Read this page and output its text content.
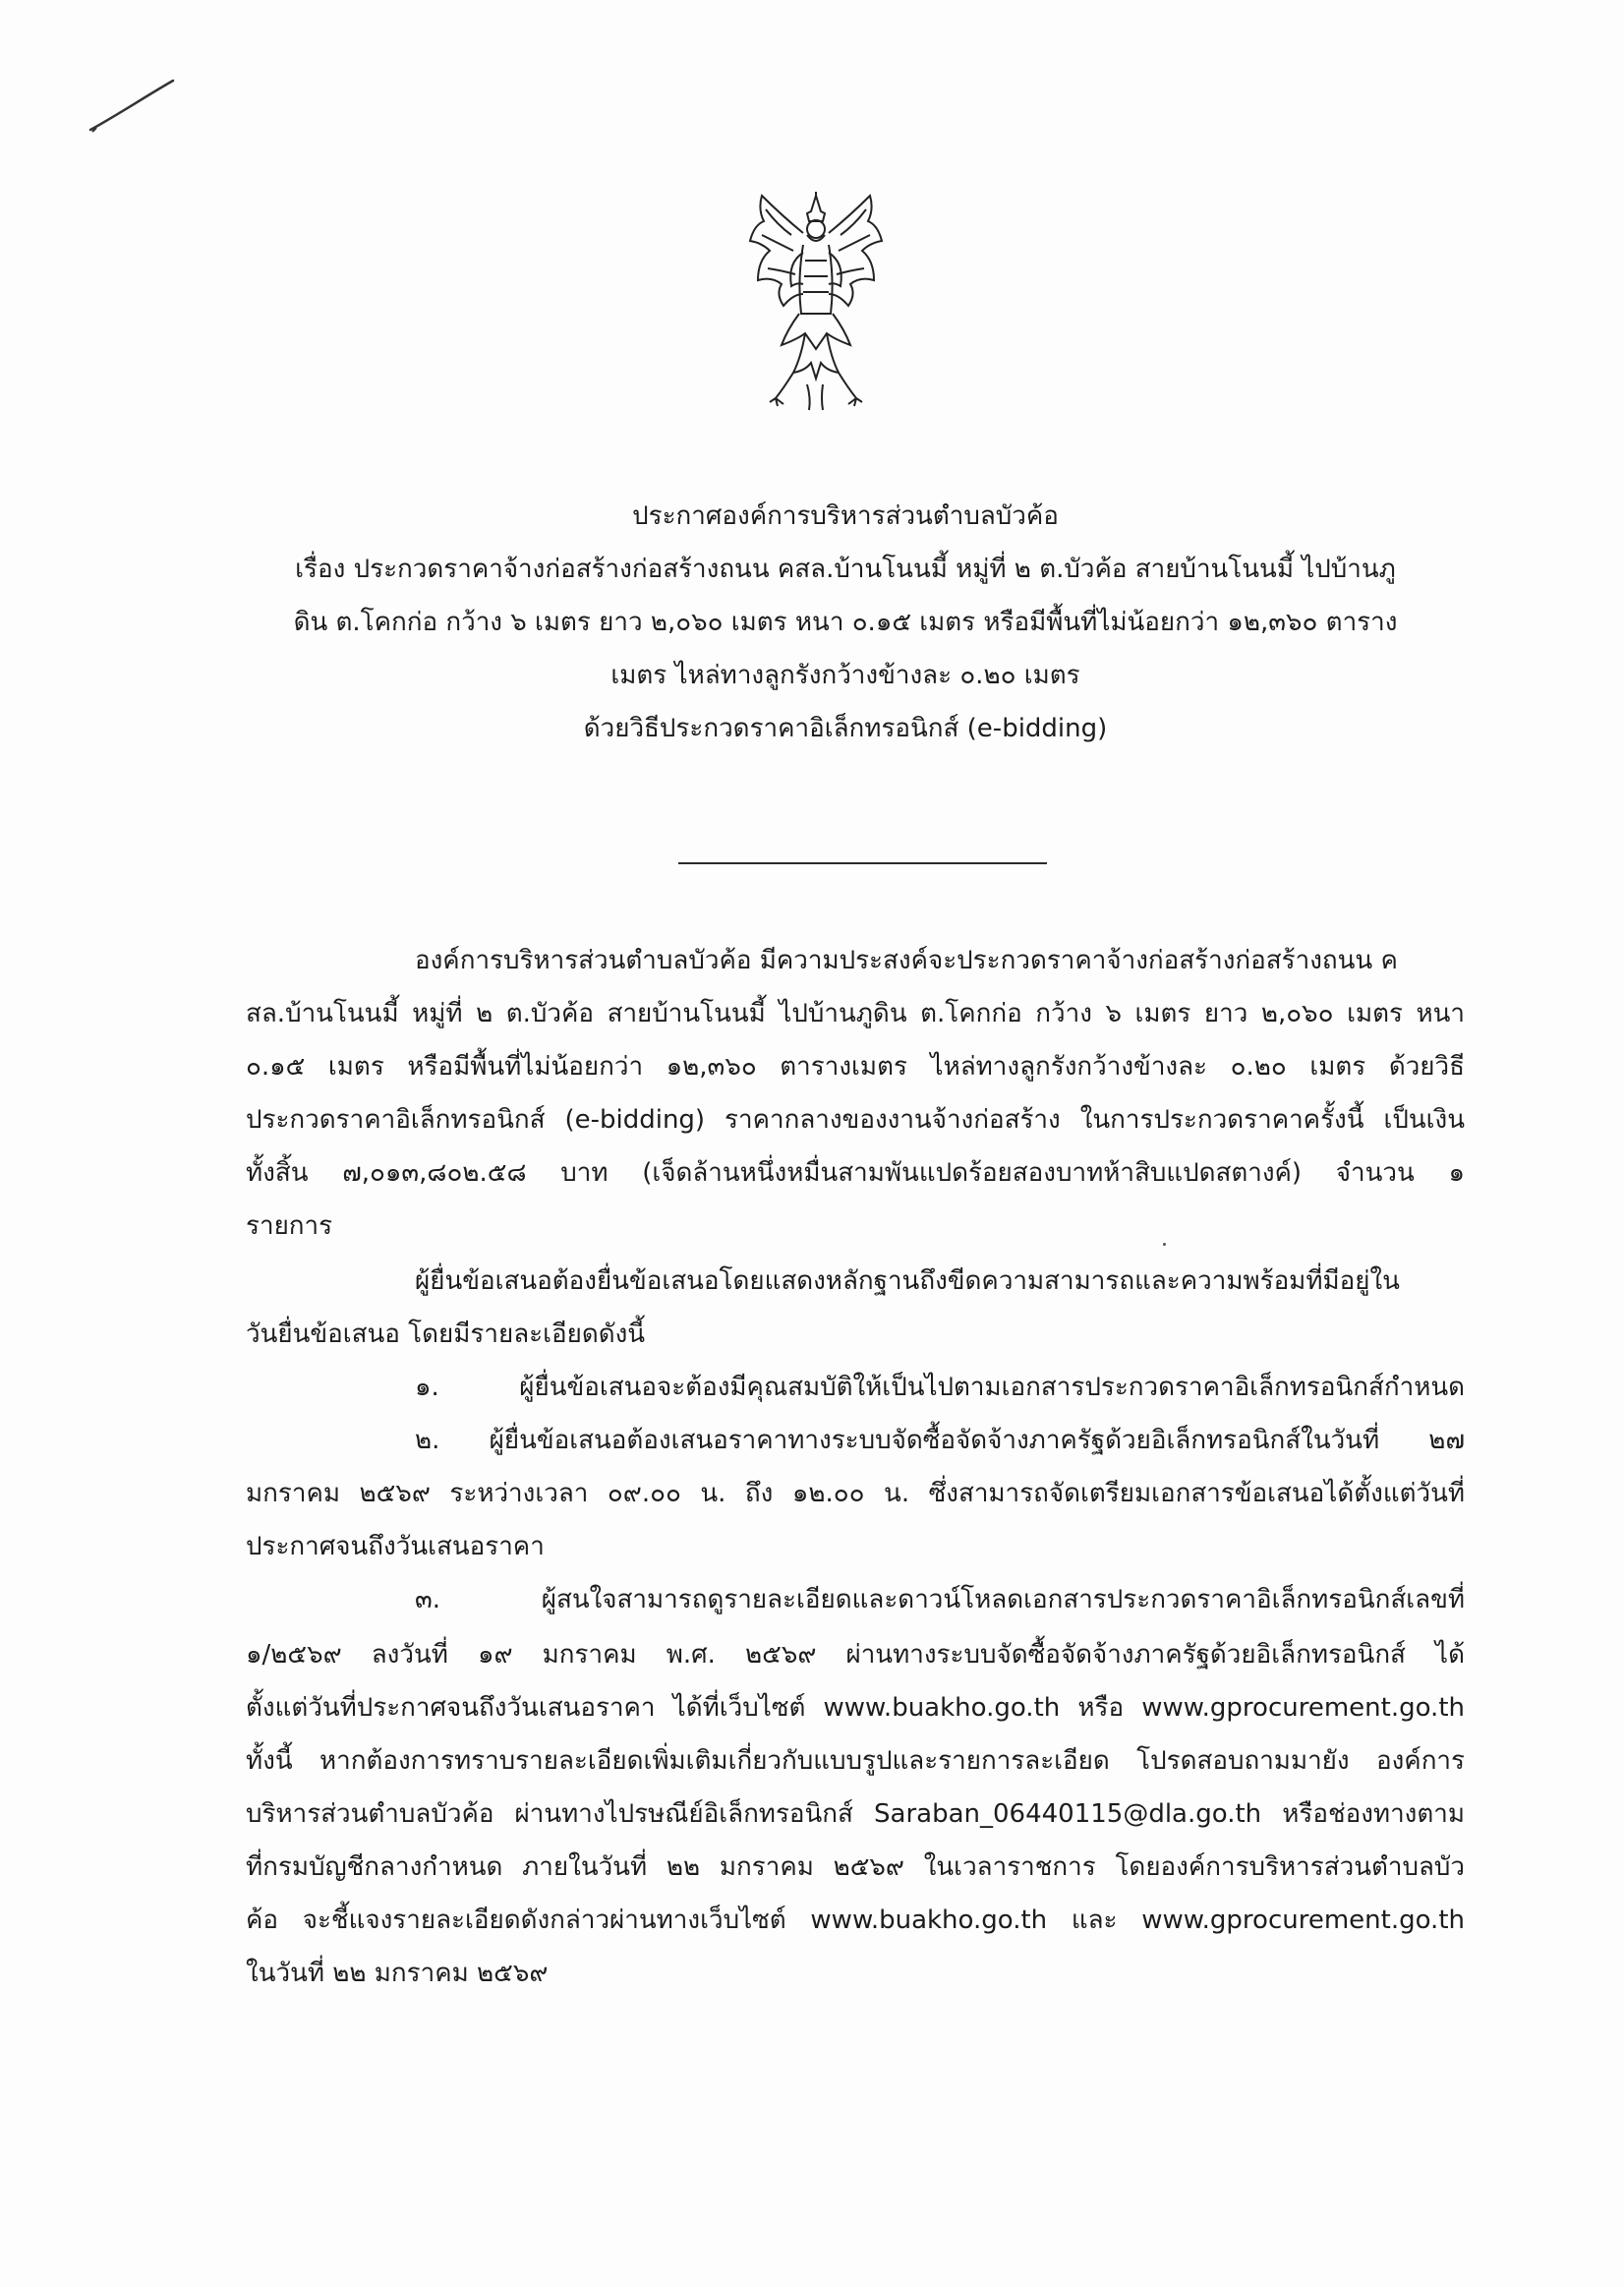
ประกาศองค์การบริหารส่วนตำบลบัวค้อ
เรื่อง ประกวดราคาจ้างก่อสร้างก่อสร้างถนน คสล.บ้านโนนมี้ หมู่ที่ ๒ ต.บัวค้อ สายบ้านโนนมี้ ไปบ้านภู
ดิน ต.โคกก่อ กว้าง ๖ เมตร ยาว ๒,๐๖๐ เมตร หนา ๐.๑๕ เมตร หรือมีพื้นที่ไม่น้อยกว่า ๑๒,๓๖๐ ตาราง
เมตร ไหล่ทางลูกรังกว้างข้างละ ๐.๒๐ เมตร
ด้วยวิธีประกวดราคาอิเล็กทรอนิกส์ (e-bidding)
องค์การบริหารส่วนตำบลบัวค้อ มีความประสงค์จะประกวดราคาจ้างก่อสร้างก่อสร้างถนน ค
สล.บ้านโนนมี้ หมู่ที่ ๒ ต.บัวค้อ สายบ้านโนนมี้ ไปบ้านภูดิน ต.โคกก่อ กว้าง ๖ เมตร ยาว ๒,๐๖๐ เมตร หนา
๐.๑๕ เมตร หรือมีพื้นที่ไม่น้อยกว่า ๑๒,๓๖๐ ตารางเมตร ไหล่ทางลูกรังกว้างข้างละ ๐.๒๐ เมตร ด้วยวิธี
ประกวดราคาอิเล็กทรอนิกส์ (e-bidding) ราคากลางของงานจ้างก่อสร้าง ในการประกวดราคาครั้งนี้ เป็นเงิน
ทั้งสิ้น ๗,๐๑๓,๘๐๒.๕๘ บาท (เจ็ดล้านหนึ่งหมื่นสามพันแปดร้อยสองบาทห้าสิบแปดสตางค์) จำนวน ๑
รายการ
ผู้ยื่นข้อเสนอต้องยื่นข้อเสนอโดยแสดงหลักฐานถึงขีดความสามารถและความพร้อมที่มีอยู่ใน
วันยื่นข้อเสนอ โดยมีรายละเอียดดังนี้
๑. ผู้ยื่นข้อเสนอจะต้องมีคุณสมบัติให้เป็นไปตามเอกสารประกวดราคาอิเล็กทรอนิกส์กำหนด
๒. ผู้ยื่นข้อเสนอต้องเสนอราคาทางระบบจัดซื้อจัดจ้างภาครัฐด้วยอิเล็กทรอนิกส์ในวันที่ ๒๗
มกราคม ๒๕๖๙ ระหว่างเวลา ๐๙.๐๐ น. ถึง ๑๒.๐๐ น. ซึ่งสามารถจัดเตรียมเอกสารข้อเสนอได้ตั้งแต่วันที่
ประกาศจนถึงวันเสนอราคา
๓. ผู้สนใจสามารถดูรายละเอียดและดาวน์โหลดเอกสารประกวดราคาอิเล็กทรอนิกส์เลขที่
๑/๒๕๖๙ ลงวันที่ ๑๙ มกราคม พ.ศ. ๒๕๖๙ ผ่านทางระบบจัดซื้อจัดจ้างภาครัฐด้วยอิเล็กทรอนิกส์ ได้
ตั้งแต่วันที่ประกาศจนถึงวันเสนอราคา ได้ที่เว็บไซต์ www.buakho.go.th หรือ www.gprocurement.go.th
ทั้งนี้ หากต้องการทราบรายละเอียดเพิ่มเติมเกี่ยวกับแบบรูปและรายการละเอียด โปรดสอบถามมายัง องค์การ
บริหารส่วนตำบลบัวค้อ ผ่านทางไปรษณีย์อิเล็กทรอนิกส์ Saraban_06440115@dla.go.th หรือช่องทางตาม
ที่กรมบัญชีกลางกำหนด ภายในวันที่ ๒๒ มกราคม ๒๕๖๙ ในเวลาราชการ โดยองค์การบริหารส่วนตำบลบัว
ค้อ จะชี้แจงรายละเอียดดังกล่าวผ่านทางเว็บไซต์ www.buakho.go.th และ www.gprocurement.go.th
ในวันที่ ๒๒ มกราคม ๒๕๖๙
